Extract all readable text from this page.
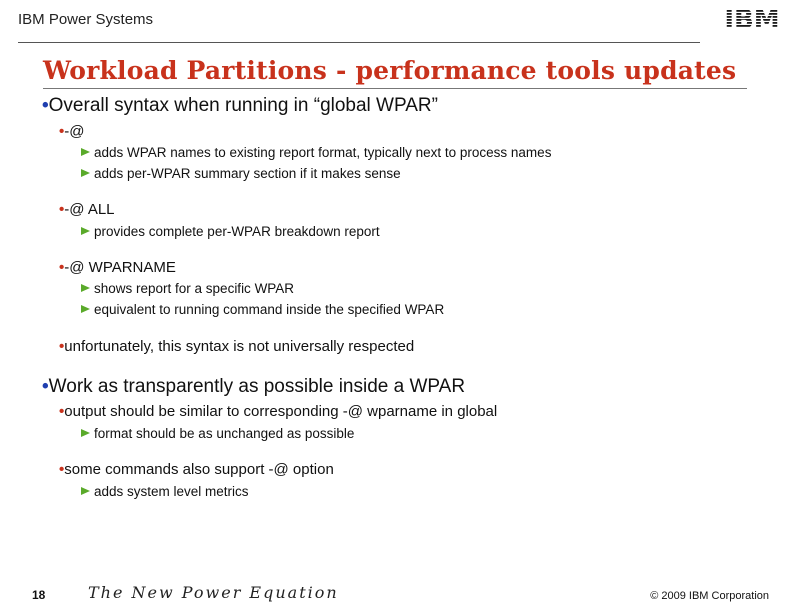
IBM Power Systems	IBM
Workload Partitions - performance tools updates
•Overall syntax when running in “global WPAR”
•-@
adds WPAR names to existing report format, typically next to process names
adds per-WPAR summary section if it makes sense
•-@ ALL
provides complete per-WPAR breakdown report
•-@ WPARNAME
shows report for a specific WPAR
equivalent to running command inside the specified WPAR
•unfortunately, this syntax is not universally respected
•Work as transparently as possible inside a WPAR
•output should be similar to corresponding -@ wparname in global
format should be as unchanged as possible
•some commands also support -@ option
adds system level metrics
18	The New Power Equation	© 2009 IBM Corporation
